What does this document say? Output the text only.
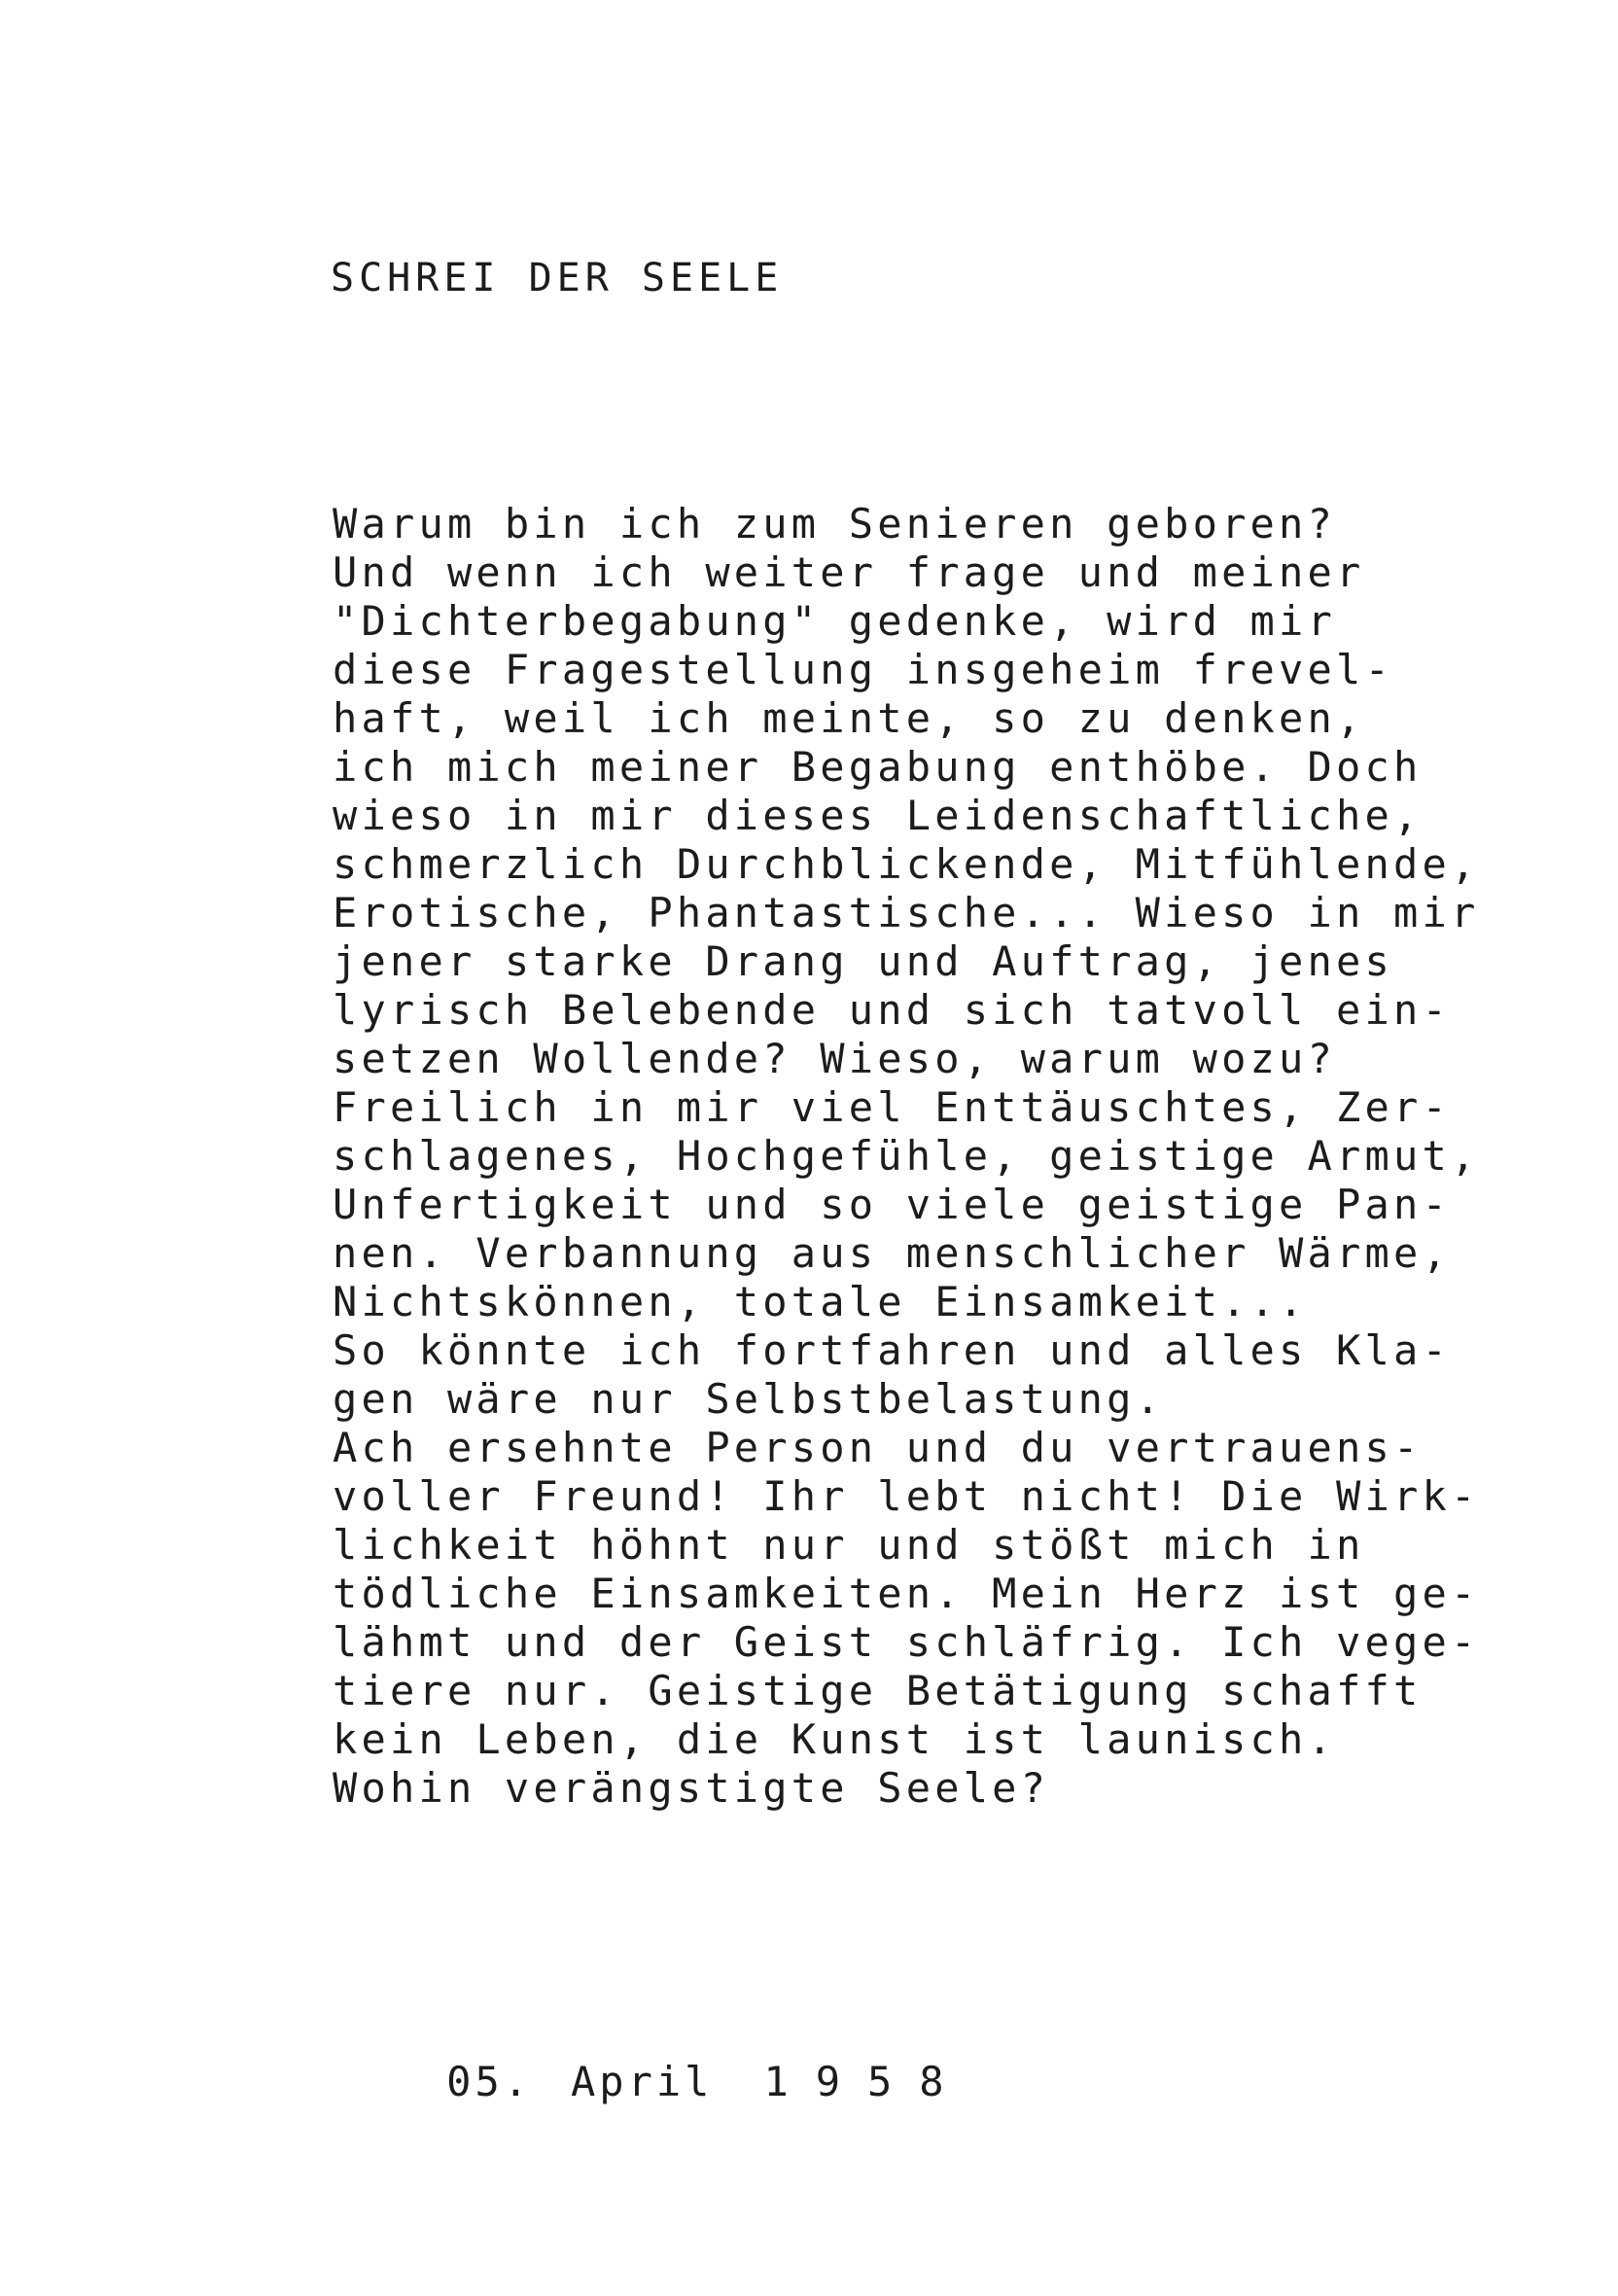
SCHREI DER SEELE
Warum bin ich zum Senieren geboren?
Und wenn ich weiter frage und meiner
"Dichterbegabung" gedenke, wird mir
diese Fragestellung insgeheim frevel-
haft, weil ich meinte, so zu denken,
ich mich meiner Begabung enthöbe. Doch
wieso in mir dieses Leidenschaftliche,
schmerzlich Durchblickende, Mitfühlende,
Erotische, Phantastische... Wieso in mir
jener starke Drang und Auftrag, jenes
lyrisch Belebende und sich tatvoll ein-
setzen Wollende? Wieso, warum wozu?
Freilich in mir viel Enttäuschtes, Zer-
schlagenes, Hochgefühle, geistige Armut,
Unfertigkeit und so viele geistige Pan-
nen. Verbannung aus menschlicher Wärme,
Nichtskönnen, totale Einsamkeit...
So könnte ich fortfahren und alles Kla-
gen wäre nur Selbstbelastung.
Ach ersehnte Person und du vertrauens-
voller Freund! Ihr lebt nicht! Die Wirk-
lichkeit höhnt nur und stößt mich in
tödliche Einsamkeiten. Mein Herz ist ge-
lähmt und der Geist schläfrig. Ich vege-
tiere nur. Geistige Betätigung schafft
kein Leben, die Kunst ist launisch.
Wohin verängstigte Seele?

05. April 1958
